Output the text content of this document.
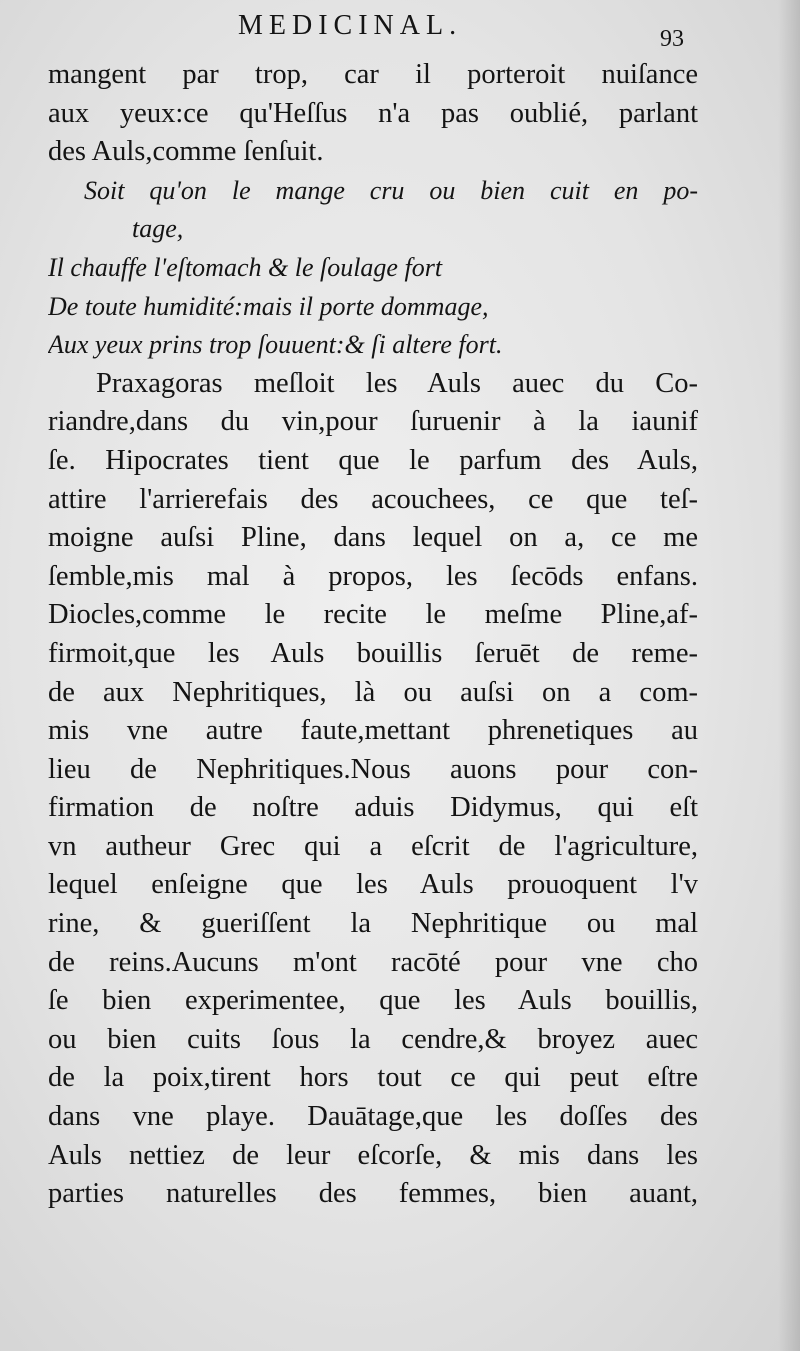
MEDICINAL.	93
mangent par trop, car il porteroit nuiſance
aux yeux:ce qu'Heſſus n'a pas oublié, parlant
des Auls,comme ſenſuit.
Soit qu'on le mange cru ou bien cuit en po-
tage,
Il chauffe l'eſtomach & le ſoulage fort
De toute humidité:mais il porte dommage,
Aux yeux prins trop ſouuent:& ſi altere fort.
Praxagoras meſloit les Auls auec du Co-
riandre,dans du vin,pour ſuruenir à la iaunif
ſe. Hipocrates tient que le parfum des Auls,
attire l'arrierefais des acouchees, ce que teſ-
moigne auſsi Pline, dans lequel on a, ce me
ſemble,mis mal à propos, les ſecōds enfans.
Diocles,comme le recite le meſme Pline,af-
firmoit,que les Auls bouillis ſeruēt de reme-
de aux Nephritiques, là ou auſsi on a com-
mis vne autre faute,mettant phrenetiques au
lieu de Nephritiques.Nous auons pour con-
firmation de noſtre aduis Didymus, qui eſt
vn autheur Grec qui a eſcrit de l'agriculture,
lequel enſeigne que les Auls prouoquent l'v
rine, & gueriſſent la Nephritique ou mal
de reins.Aucuns m'ont racōté pour vne cho
ſe bien experimentee, que les Auls bouillis,
ou bien cuits ſous la cendre,& broyez auec
de la poix,tirent hors tout ce qui peut eſtre
dans vne playe. Dauātage,que les doſſes des
Auls nettiez de leur eſcorſe, & mis dans les
parties naturelles des femmes, bien auant,
